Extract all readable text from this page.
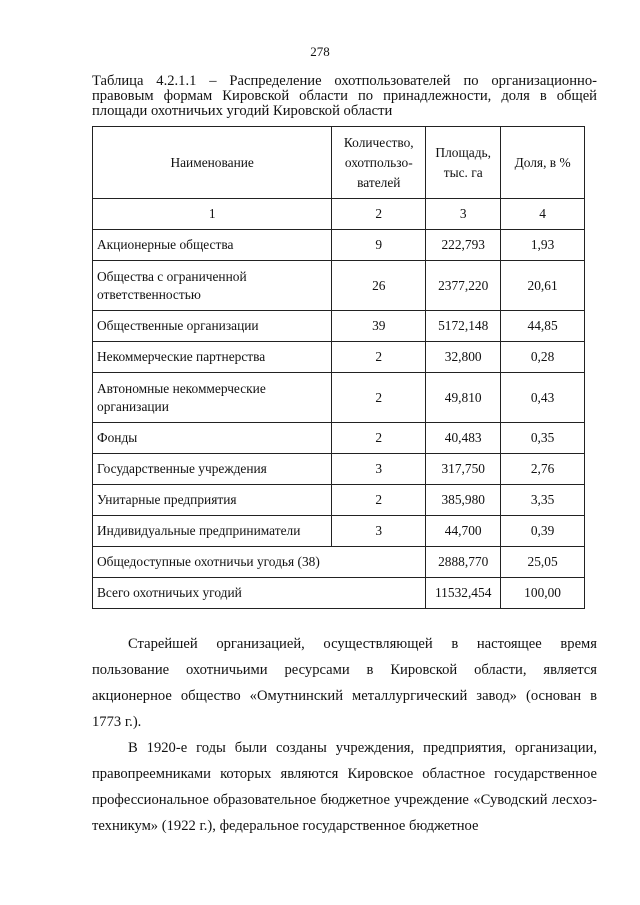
278
Таблица 4.2.1.1 – Распределение охотпользователей по организационно-правовым формам Кировской области по принадлежности, доля в общей площади охотничьих угодий Кировской области
Наименование	Количество, охотпользо-вателей	Площадь, тыс. га	Доля, в %
1	2	3	4
Акционерные общества	9	222,793	1,93
Общества с ограниченной ответственностью	26	2377,220	20,61
Общественные организации	39	5172,148	44,85
Некоммерческие партнерства	2	32,800	0,28
Автономные некоммерческие организации	2	49,810	0,43
Фонды	2	40,483	0,35
Государственные учреждения	3	317,750	2,76
Унитарные предприятия	2	385,980	3,35
Индивидуальные предприниматели	3	44,700	0,39
Общедоступные охотничьи угодья (38)		2888,770	25,05
Всего охотничьих угодий		11532,454	100,00

Старейшей организацией, осуществляющей в настоящее время пользование охотничьими ресурсами в Кировской области, является акционерное общество «Омутнинский металлургический завод» (основан в 1773 г.).

В 1920-е годы были созданы учреждения, предприятия, организации, правопреемниками которых являются Кировское областное государственное профессиональное образовательное бюджетное учреждение «Суводский лесхоз-техникум» (1922 г.), федеральное государственное бюджетное
